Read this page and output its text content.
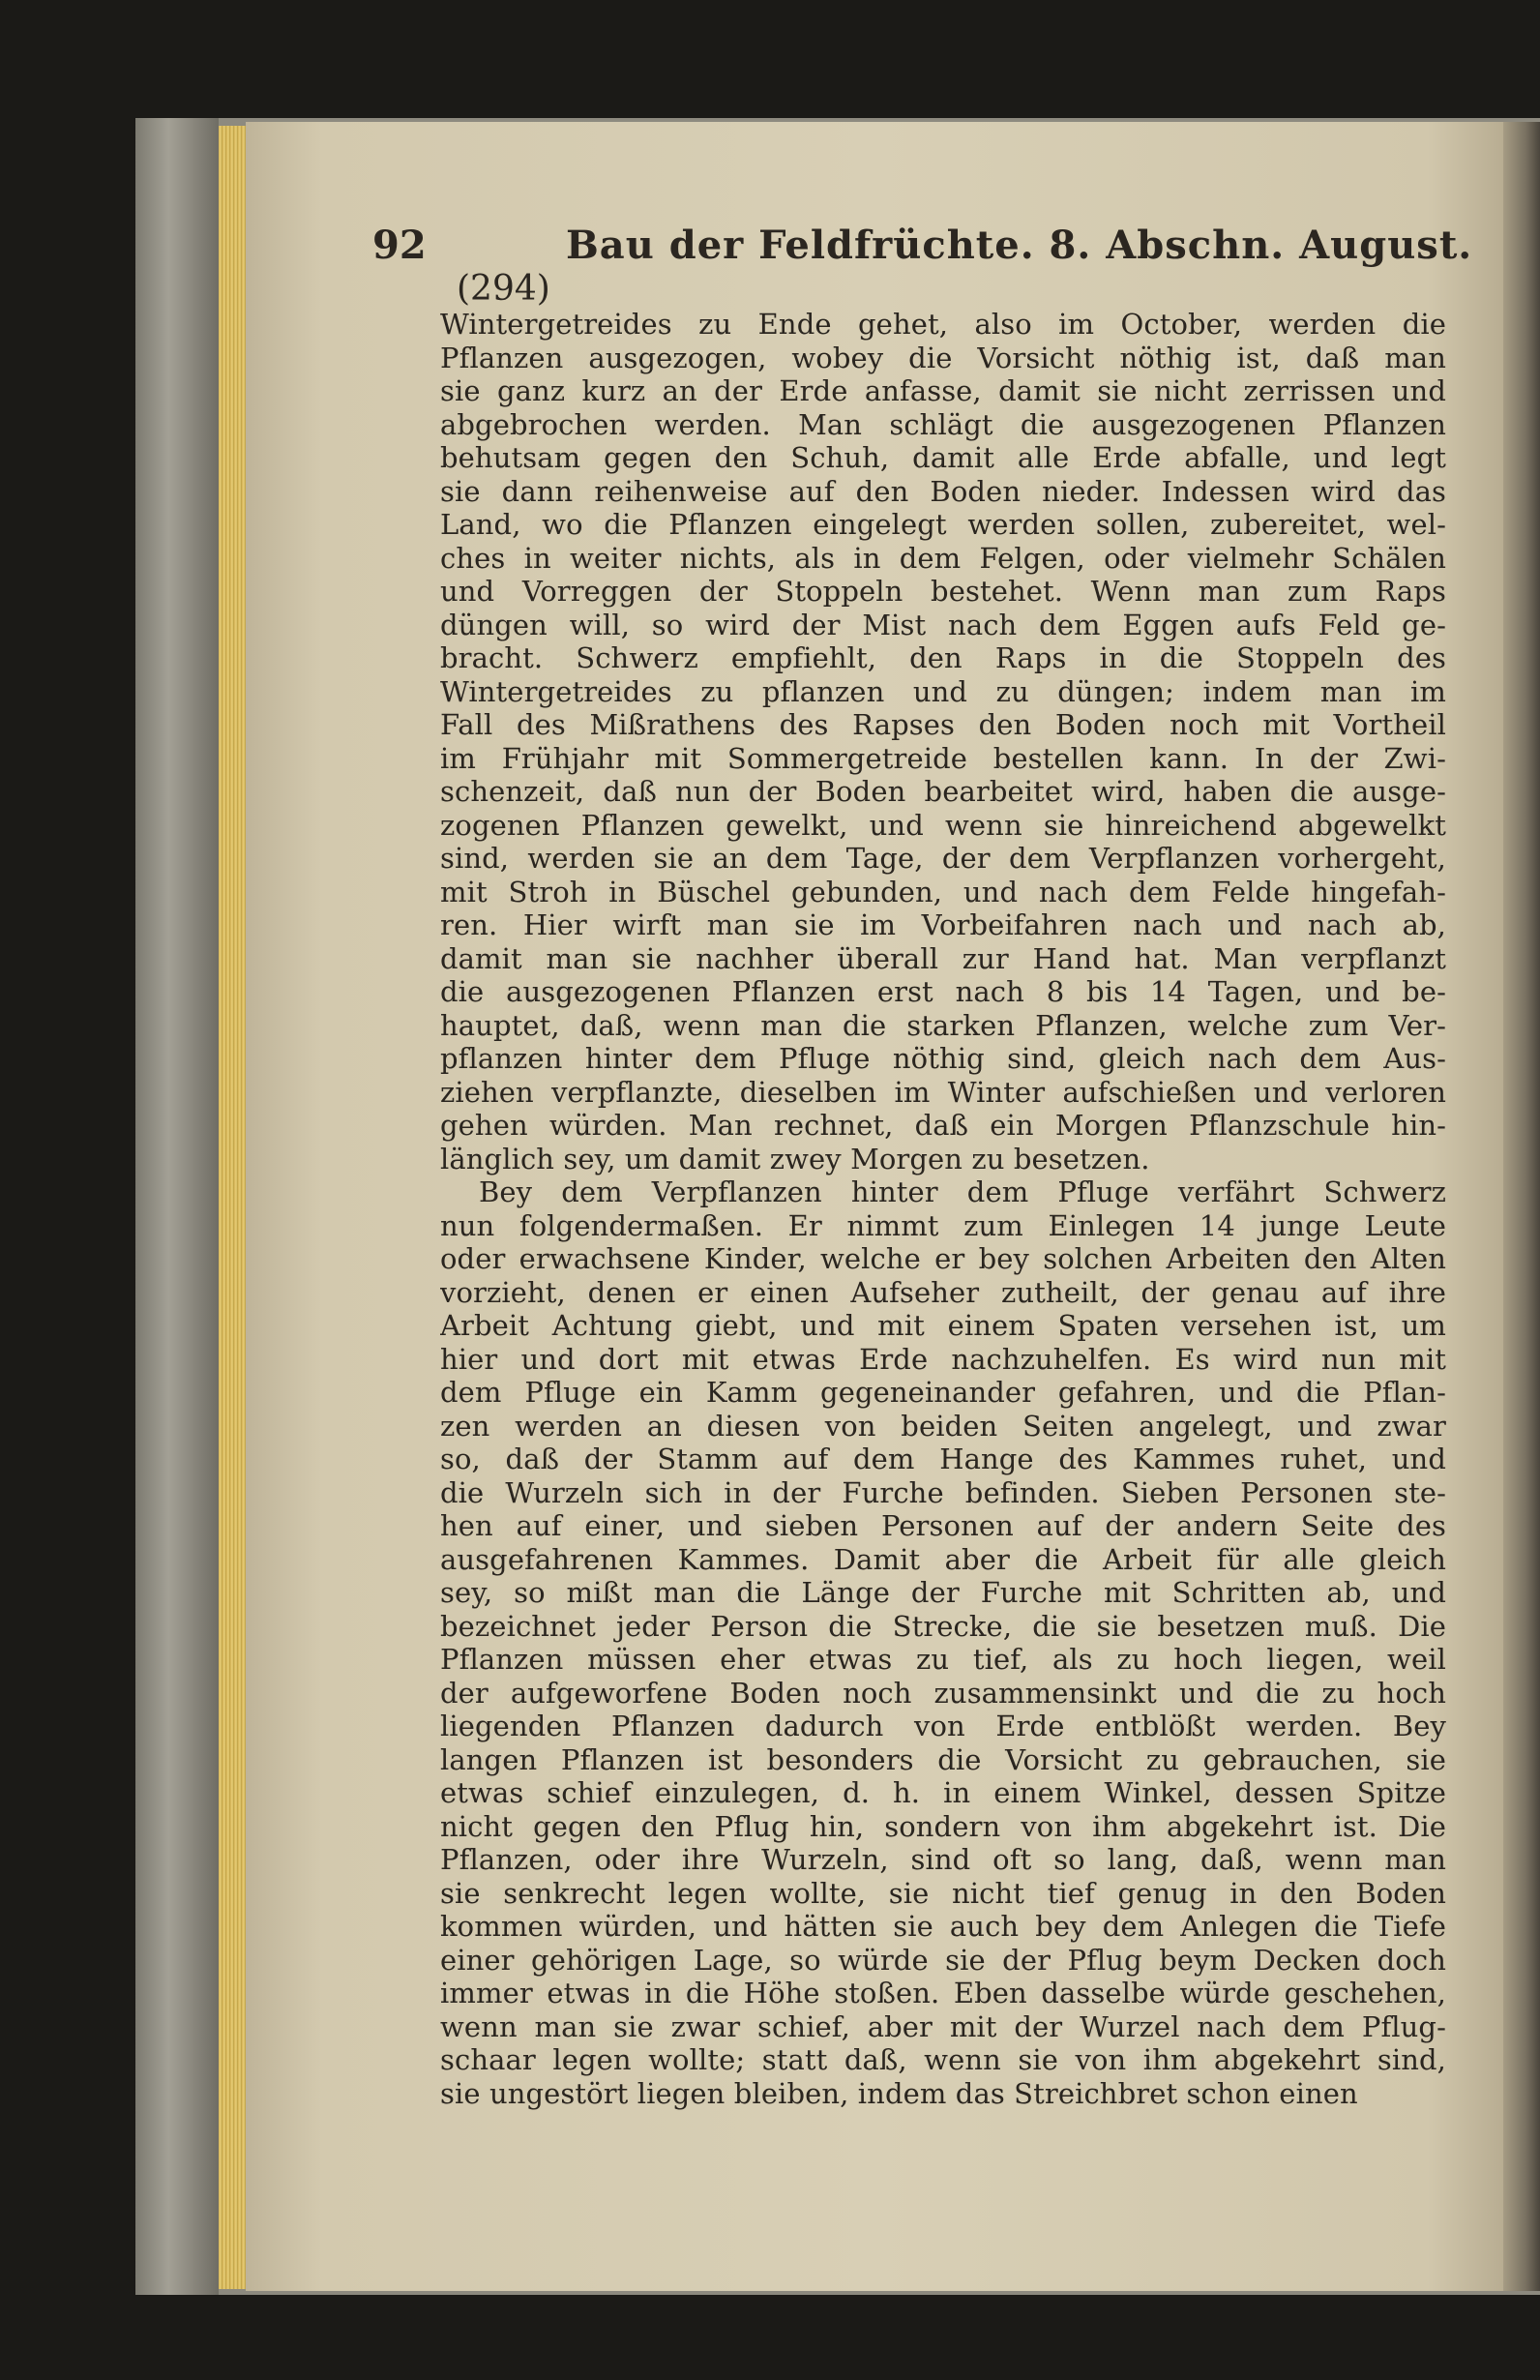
92	Bau der Feldfrüchte. 8. Abschn. August.
(294)
Wintergetreides zu Ende gehet, also im October, werden die
Pflanzen ausgezogen, wobey die Vorsicht nöthig ist, daß man
sie ganz kurz an der Erde anfasse, damit sie nicht zerrissen und
abgebrochen werden. Man schlägt die ausgezogenen Pflanzen
behutsam gegen den Schuh, damit alle Erde abfalle, und legt
sie dann reihenweise auf den Boden nieder. Indessen wird das
Land, wo die Pflanzen eingelegt werden sollen, zubereitet, wel-
ches in weiter nichts, als in dem Felgen, oder vielmehr Schälen
und Vorreggen der Stoppeln bestehet. Wenn man zum Raps
düngen will, so wird der Mist nach dem Eggen aufs Feld ge-
bracht. Schwerz empfiehlt, den Raps in die Stoppeln des
Wintergetreides zu pflanzen und zu düngen; indem man im
Fall des Mißrathens des Rapses den Boden noch mit Vortheil
im Frühjahr mit Sommergetreide bestellen kann. In der Zwi-
schenzeit, daß nun der Boden bearbeitet wird, haben die ausge-
zogenen Pflanzen gewelkt, und wenn sie hinreichend abgewelkt
sind, werden sie an dem Tage, der dem Verpflanzen vorhergeht,
mit Stroh in Büschel gebunden, und nach dem Felde hingefah-
ren. Hier wirft man sie im Vorbeifahren nach und nach ab,
damit man sie nachher überall zur Hand hat. Man verpflanzt
die ausgezogenen Pflanzen erst nach 8 bis 14 Tagen, und be-
hauptet, daß, wenn man die starken Pflanzen, welche zum Ver-
pflanzen hinter dem Pfluge nöthig sind, gleich nach dem Aus-
ziehen verpflanzte, dieselben im Winter aufschießen und verloren
gehen würden. Man rechnet, daß ein Morgen Pflanzschule hin-
länglich sey, um damit zwey Morgen zu besetzen.
Bey dem Verpflanzen hinter dem Pfluge verfährt Schwerz
nun folgendermaßen. Er nimmt zum Einlegen 14 junge Leute
oder erwachsene Kinder, welche er bey solchen Arbeiten den Alten
vorzieht, denen er einen Aufseher zutheilt, der genau auf ihre
Arbeit Achtung giebt, und mit einem Spaten versehen ist, um
hier und dort mit etwas Erde nachzuhelfen. Es wird nun mit
dem Pfluge ein Kamm gegeneinander gefahren, und die Pflan-
zen werden an diesen von beiden Seiten angelegt, und zwar
so, daß der Stamm auf dem Hange des Kammes ruhet, und
die Wurzeln sich in der Furche befinden. Sieben Personen ste-
hen auf einer, und sieben Personen auf der andern Seite des
ausgefahrenen Kammes. Damit aber die Arbeit für alle gleich
sey, so mißt man die Länge der Furche mit Schritten ab, und
bezeichnet jeder Person die Strecke, die sie besetzen muß. Die
Pflanzen müssen eher etwas zu tief, als zu hoch liegen, weil
der aufgeworfene Boden noch zusammensinkt und die zu hoch
liegenden Pflanzen dadurch von Erde entblößt werden. Bey
langen Pflanzen ist besonders die Vorsicht zu gebrauchen, sie
etwas schief einzulegen, d. h. in einem Winkel, dessen Spitze
nicht gegen den Pflug hin, sondern von ihm abgekehrt ist. Die
Pflanzen, oder ihre Wurzeln, sind oft so lang, daß, wenn man
sie senkrecht legen wollte, sie nicht tief genug in den Boden
kommen würden, und hätten sie auch bey dem Anlegen die Tiefe
einer gehörigen Lage, so würde sie der Pflug beym Decken doch
immer etwas in die Höhe stoßen. Eben dasselbe würde geschehen,
wenn man sie zwar schief, aber mit der Wurzel nach dem Pflug-
schaar legen wollte; statt daß, wenn sie von ihm abgekehrt sind,
sie ungestört liegen bleiben, indem das Streichbret schon einen
